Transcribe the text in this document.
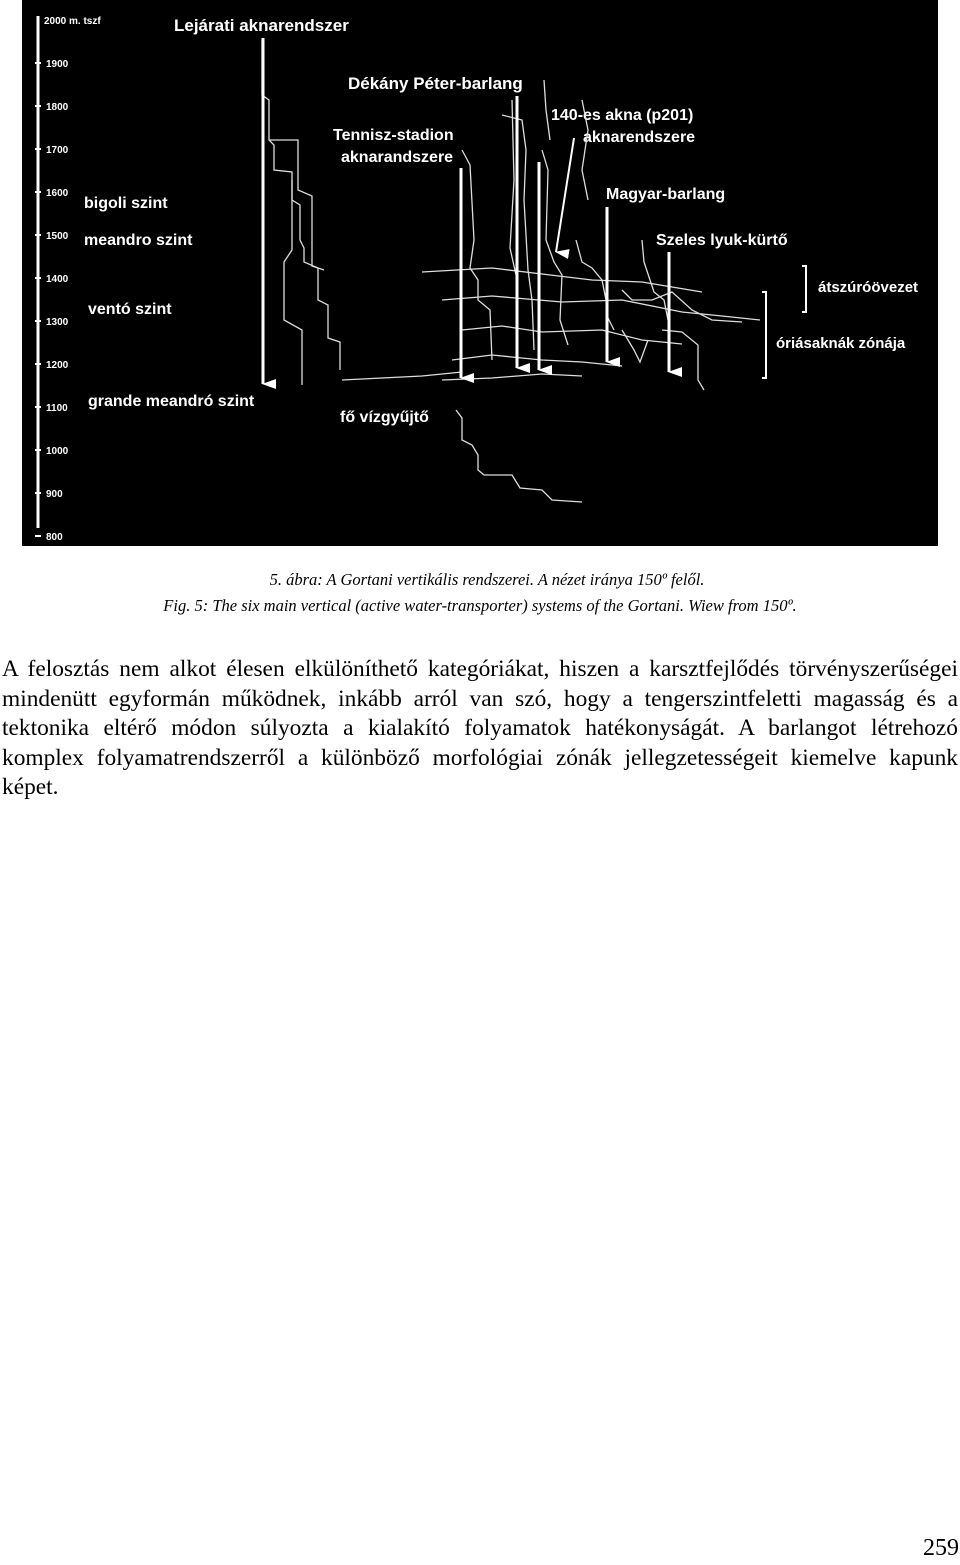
1900
1800
1700
1600
1500
1400
1300
1200
1100
1000
900
800
2000 m. tszf
bigoli szint
meandro szint
ventó szint
grande meandró szint
Lejárati aknarendszer
Dékány Péter-barlang
Tennisz-stadion
aknarandszere
140-es akna (p201)
aknarendszere
Magyar-barlang
Szeles lyuk-kürtő
fő vízgyűjtő
átszúróövezet
óriásaknák zónája
5. ábra: A Gortani vertikális rendszerei. A nézet iránya 150º felől.
Fig. 5: The six main vertical (active water-transporter) systems of the Gortani. Wiew from 150º.

A felosztás nem alkot élesen elkülöníthető kategóriákat, hiszen a karsztfejlődés törvényszerűségei mindenütt egyformán működnek, inkább arról van szó, hogy a tengerszintfeletti magasság és a tektonika eltérő módon súlyozta a kialakító folyamatok hatékonyságát. A barlangot létrehozó komplex folyamatrendszerről a különböző morfológiai zónák jellegzetességeit kiemelve kapunk képet.

259
